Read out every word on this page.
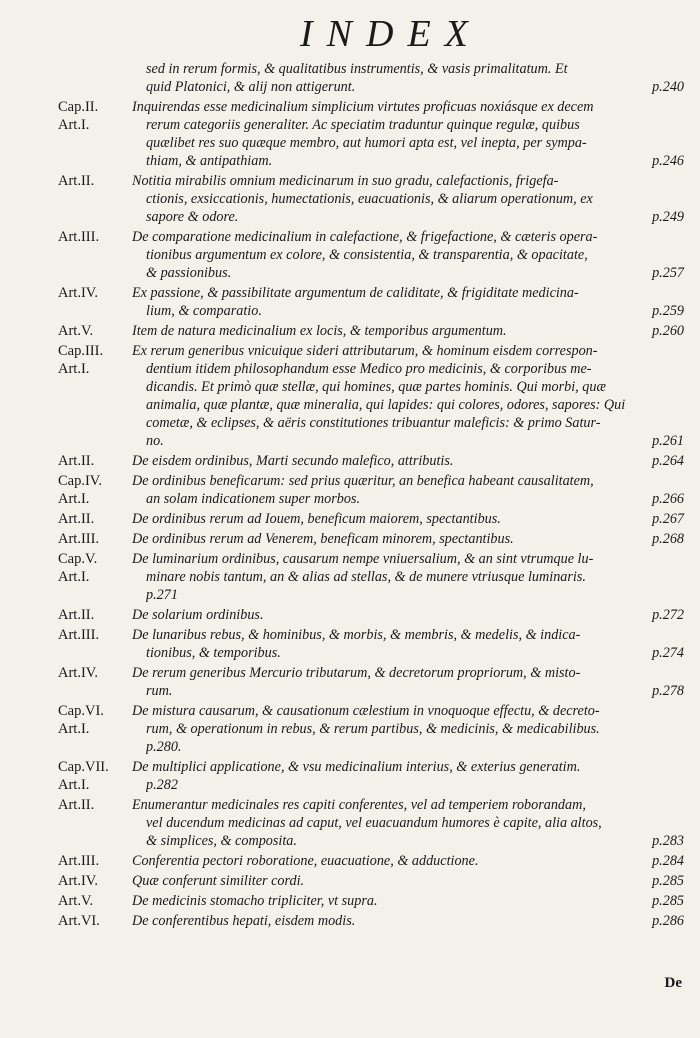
INDEX
sed in rerum formis, & qualitatibus instrumentis, & vasis primalitatum. Et
quid Platonici, & alij non attigerunt.	p.240
Cap.II. Inquirendas esse medicinalium simplicium virtutes proficuas noxiásque ex decem
Art.I.	rerum categoriis generaliter. Ac speciatim traduntur quinque regulæ, quibus
quælibet res suo quæque membro, aut humori apta est, vel inepta, per sympa-
thiam, & antipathiam.	p.246
Art.II.	Notitia mirabilis omnium medicinarum in suo gradu, calefactionis, frigefa-
ctionis, exsiccationis, humectationis, euacuationis, & aliarum operationum, ex
sapore & odore.	p.249
Art.III. De comparatione medicinalium in calefactione, & frigefactione, & cæteris opera-
tionibus argumentum ex colore, & consistentia, & transparentia, & opacitate,
& passionibus.	p.257
Art.IV. Ex passione, & passibilitate argumentum de caliditate, & frigiditate medicina-
lium, & comparatio.	p.259
Art.V.	Item de natura medicinalium ex locis, & temporibus argumentum.	p.260
Cap.III. Ex rerum generibus vnicuique sideri attributarum, & hominum eisdem correspon-
Art.I.	dentium itidem philosophandum esse Medico pro medicinis, & corporibus me-
dicandis. Et primò quæ stellæ, qui homines, quæ partes hominis. Qui morbi, quæ
animalia, quæ plantæ, quæ mineralia, qui lapides: qui colores, odores, sapores: Qui
cometæ, & eclipses, & aëris constitutiones tribuantur maleficis: & primo Satur-
no.	p.261
Art.II.	De eisdem ordinibus, Marti secundo malefico, attributis.	p.264
Cap.IV. De ordinibus beneficarum: sed prius quæritur, an benefica habeant causalitatem,
Art.I.	an solam indicationem super morbos.	p.266
Art.II.	De ordinibus rerum ad Iouem, beneficum maiorem, spectantibus.	p.267
Art.III. De ordinibus rerum ad Venerem, beneficam minorem, spectantibus.	p.268
Cap.V. De luminarium ordinibus, causarum nempe vniuersalium, & an sint vtrumque lu-
Art.I.	minare nobis tantum, an & alias ad stellas, & de munere vtriusque luminaris.
p.271
Art.II.	De solarium ordinibus.	p.272
Art.III. De lunaribus rebus, & hominibus, & morbis, & membris, & medelis, & indica-
tionibus, & temporibus.	p.274
Art.IV. De rerum generibus Mercurio tributarum, & decretorum propriorum, & misto-
rum.	p.278
Cap.VI. De mistura causarum, & causationum cælestium in vnoquoque effectu, & decreto-
Art.I.	rum, & operationum in rebus, & rerum partibus, & medicinis, & medicabilibus.
p.280.
Cap.VII. De multiplici applicatione, & vsu medicinalium interius, & exterius generatim.
Art.I.	p.282
Art.II.	Enumerantur medicinales res capiti conferentes, vel ad temperiem roborandam,
vel ducendum medicinas ad caput, vel euacuandum humores è capite, alia altos,
& simplices, & composita.	p.283
Art.III. Conferentia pectori roboratione, euacuatione, & adductione.	p.284
Art.IV. Quæ conferunt similiter cordi.	p.285
Art.V.	De medicinis stomacho tripliciter, vt supra.	p.285
Art.VI. De conferentibus hepati, eisdem modis.	p.286
De
